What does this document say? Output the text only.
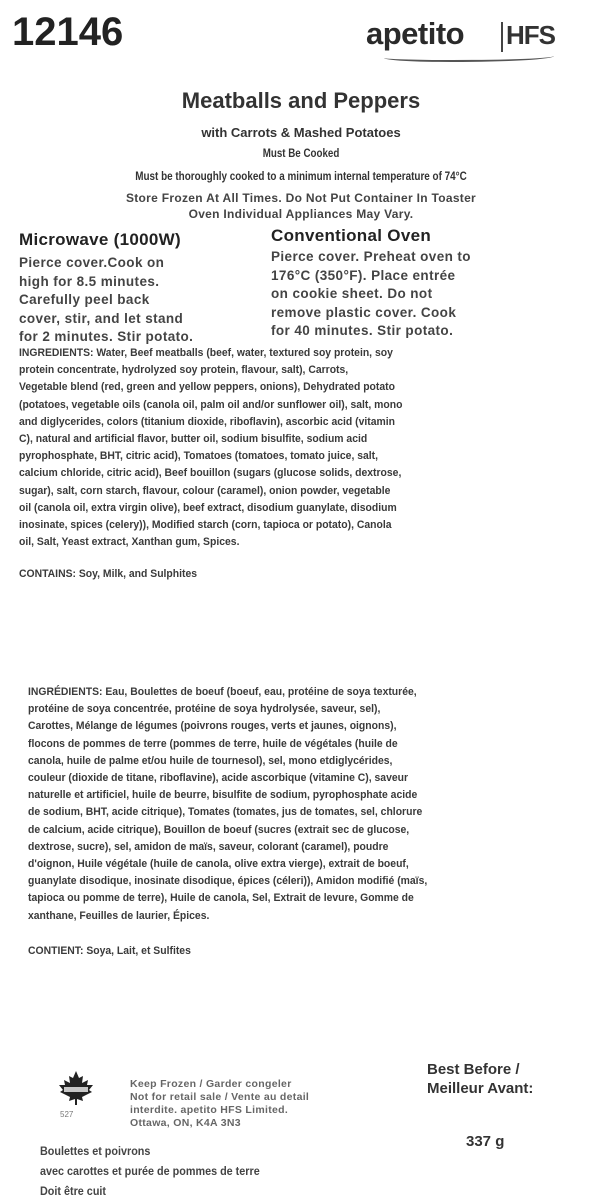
12146	apetito HFS
Meatballs and Peppers
with Carrots & Mashed Potatoes
Must Be Cooked
Must be thoroughly cooked to a minimum internal temperature of 74°C
Store Frozen At All Times. Do Not Put Container In Toaster
Oven Individual Appliances May Vary.
Microwave (1000W)
Pierce cover.Cook on
high for 8.5 minutes.
Carefully peel back
cover, stir, and let stand
for 2 minutes. Stir potato.
Conventional Oven
Pierce cover. Preheat oven to
176°C (350°F). Place entrée
on cookie sheet. Do not
remove plastic cover. Cook
for 40 minutes. Stir potato.
INGREDIENTS: Water, Beef meatballs (beef, water, textured soy protein, soy
protein concentrate, hydrolyzed soy protein, flavour, salt), Carrots,
Vegetable blend (red, green and yellow peppers, onions), Dehydrated potato
(potatoes, vegetable oils (canola oil, palm oil and/or sunflower oil), salt, mono
and diglycerides, colors (titanium dioxide, riboflavin), ascorbic acid (vitamin
C), natural and artificial flavor, butter oil, sodium bisulfite, sodium acid
pyrophosphate, BHT, citric acid), Tomatoes (tomatoes, tomato juice, salt,
calcium chloride, citric acid), Beef bouillon (sugars (glucose solids, dextrose,
sugar), salt, corn starch, flavour, colour (caramel), onion powder, vegetable
oil (canola oil, extra virgin olive), beef extract, disodium guanylate, disodium
inosinate, spices (celery)), Modified starch (corn, tapioca or potato), Canola
oil, Salt, Yeast extract, Xanthan gum, Spices.
CONTAINS: Soy, Milk, and Sulphites
INGRÉDIENTS: Eau, Boulettes de boeuf (boeuf, eau, protéine de soya texturée,
protéine de soya concentrée, protéine de soya hydrolysée, saveur, sel),
Carottes, Mélange de légumes (poivrons rouges, verts et jaunes, oignons),
flocons de pommes de terre (pommes de terre, huile de végétales (huile de
canola, huile de palme et/ou huile de tournesol), sel, mono etdiglycérides,
couleur (dioxide de titane, riboflavine), acide ascorbique (vitamine C), saveur
naturelle et artificiel, huile de beurre, bisulfite de sodium, pyrophosphate acide
de sodium, BHT, acide citrique), Tomates (tomates, jus de tomates, sel, chlorure
de calcium, acide citrique), Bouillon de boeuf (sucres (extrait sec de glucose,
dextrose, sucre), sel, amidon de maïs, saveur, colorant (caramel), poudre
d'oignon, Huile végétale (huile de canola, olive extra vierge), extrait de boeuf,
guanylate disodique, inosinate disodique, épices (céleri)), Amidon modifié (maïs,
tapioca ou pomme de terre), Huile de canola, Sel, Extrait de levure, Gomme de
xanthane, Feuilles de laurier, Épices.
CONTIENT: Soya, Lait, et Sulfites
527
Keep Frozen / Garder congeler
Not for retail sale / Vente au detail
interdite. apetito HFS Limited.
Ottawa, ON, K4A 3N3
Best Before /
Meilleur Avant:
337 g
Boulettes et poivrons
avec carottes et purée de pommes de terre
Doit être cuit
